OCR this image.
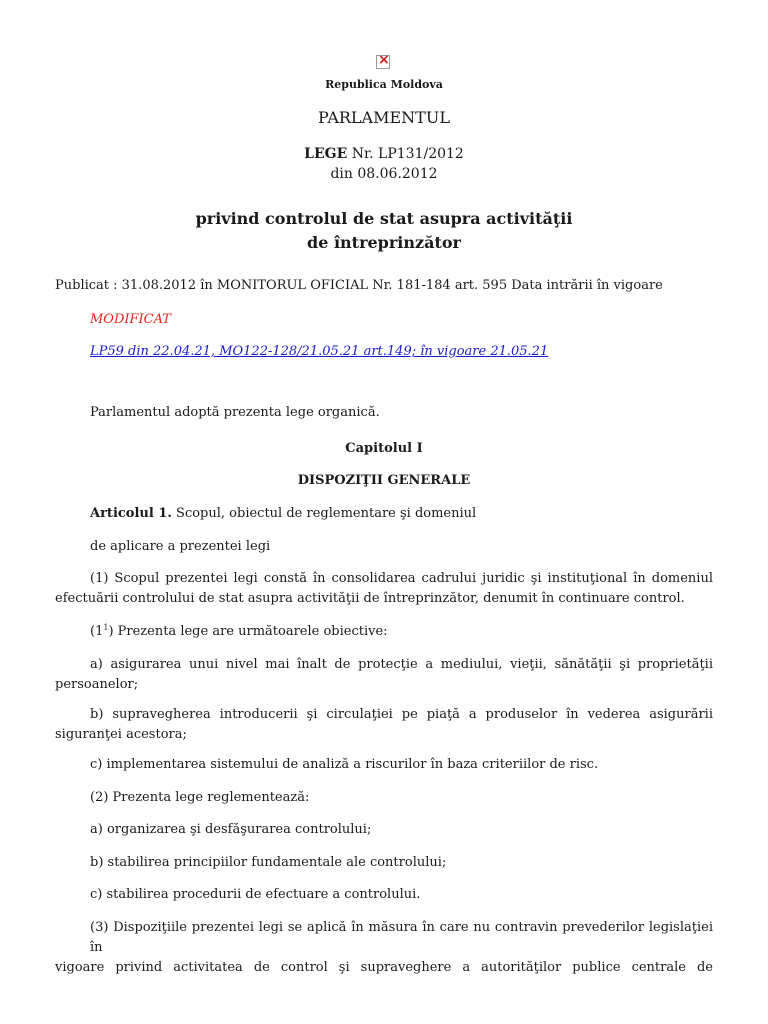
×
Republica Moldova
PARLAMENTUL
LEGE Nr. LP131/2012
din 08.06.2012
privind controlul de stat asupra activităţii
de întreprinzător
Publicat : 31.08.2012 în MONITORUL OFICIAL Nr. 181-184 art. 595 Data intrării în vigoare
MODIFICAT
LP59 din 22.04.21, MO122-128/21.05.21 art.149; în vigoare 21.05.21
Parlamentul adoptă prezenta lege organică.
Capitolul I
DISPOZIŢII GENERALE
Articolul 1. Scopul, obiectul de reglementare şi domeniul
de aplicare a prezentei legi
(1) Scopul prezentei legi constă în consolidarea cadrului juridic şi instituţional în domeniul
efectuării controlului de stat asupra activităţii de întreprinzător, denumit în continuare control.
$(1^1)$ Prezenta lege are următoarele obiective:
a) asigurarea unui nivel mai înalt de protecţie a mediului, vieţii, sănătăţii şi proprietăţii
persoanelor;
b) supravegherea introducerii şi circulaţiei pe piaţă a produselor în vederea asigurării
siguranţei acestora;
c) implementarea sistemului de analiză a riscurilor în baza criteriilor de risc.
(2) Prezenta lege reglementează:
a) organizarea şi desfăşurarea controlului;
b) stabilirea principiilor fundamentale ale controlului;
c) stabilirea procedurii de efectuare a controlului.
(3) Dispoziţiile prezentei legi se aplică în măsura în care nu contravin prevederilor legislaţiei în
vigoare privind activitatea de control şi supraveghere a autorităţilor publice centrale de
